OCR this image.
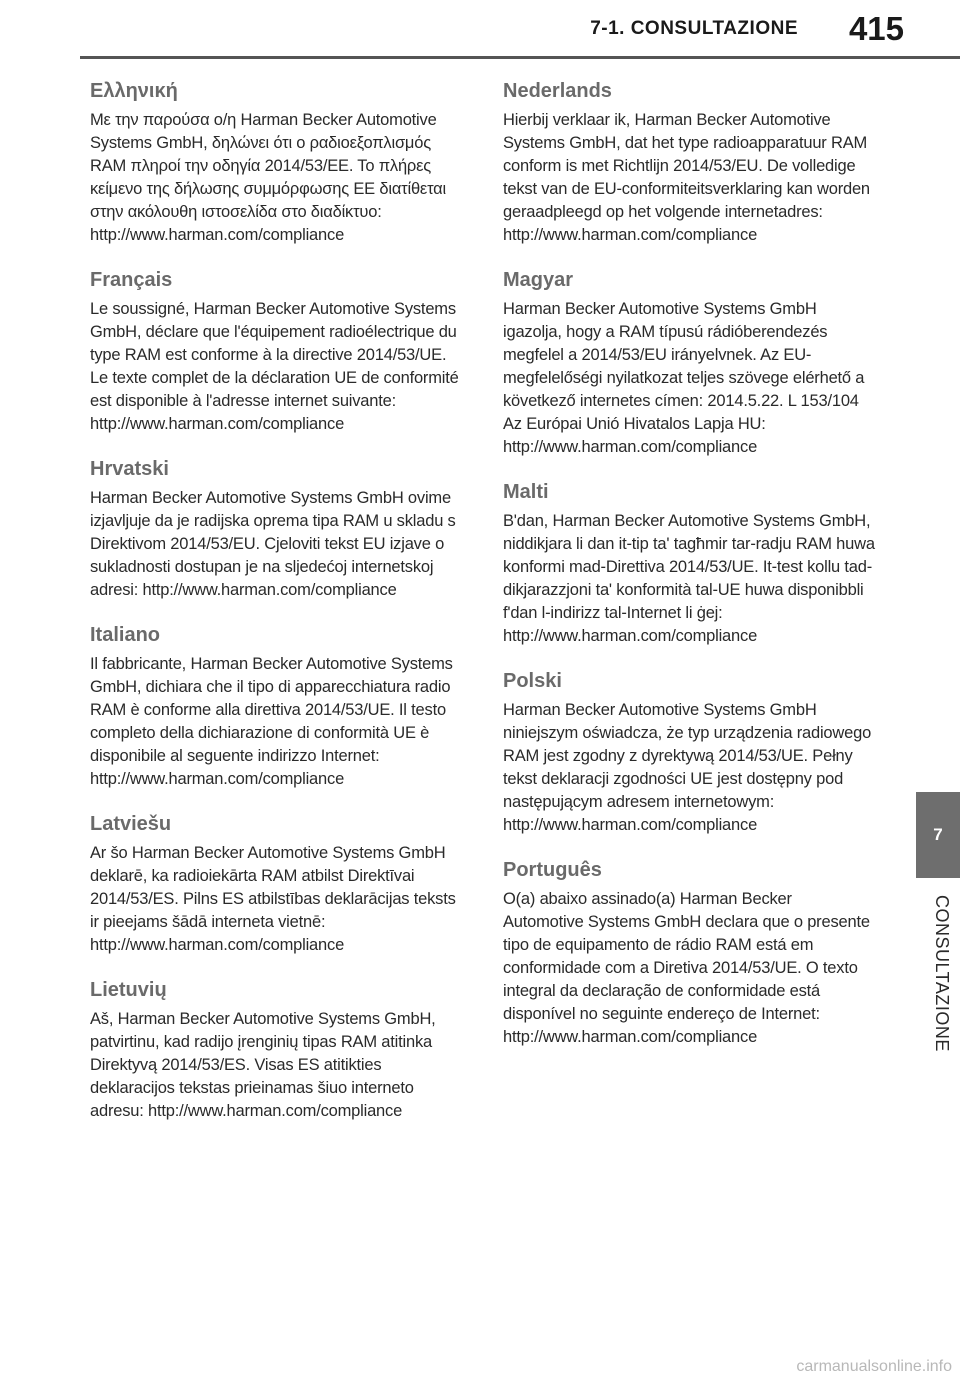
7-1. CONSULTAZIONE 415
Ελληνική

Με την παρούσα ο/η Harman Becker Automotive Systems GmbH, δηλώνει ότι ο ραδιοεξοπλισμός RAM πληροί την οδηγία 2014/53/ΕΕ. Το πλήρες κείμενο της δήλωσης συμμόρφωσης ΕΕ διατίθεται στην ακόλουθη ιστοσελίδα στο διαδίκτυο: http://www.harman.com/compliance

Français

Le soussigné, Harman Becker Automotive Systems GmbH, déclare que l'équipement radioélectrique du type RAM est conforme à la directive 2014/53/UE. Le texte complet de la déclaration UE de conformité est disponible à l'adresse internet suivante: http://www.harman.com/compliance

Hrvatski

Harman Becker Automotive Systems GmbH ovime izjavljuje da je radijska oprema tipa RAM u skladu s Direktivom 2014/53/EU. Cjeloviti tekst EU izjave o sukladnosti dostupan je na sljedećoj internetskoj adresi: http://www.harman.com/compliance

Italiano

Il fabbricante, Harman Becker Automotive Systems GmbH, dichiara che il tipo di apparecchiatura radio RAM è conforme alla direttiva 2014/53/UE. Il testo completo della dichiarazione di conformità UE è disponibile al seguente indirizzo Internet: http://www.harman.com/compliance

Latviešu

Ar šo Harman Becker Automotive Systems GmbH deklarē, ka radioiekārta RAM atbilst Direktīvai 2014/53/ES. Pilns ES atbilstības deklarācijas teksts ir pieejams šādā interneta vietnē: http://www.harman.com/compliance

Lietuvių

Aš, Harman Becker Automotive Systems GmbH, patvirtinu, kad radijo įrenginių tipas RAM atitinka Direktyvą 2014/53/ES. Visas ES atitikties deklaracijos tekstas prieinamas šiuo interneto adresu: http://www.harman.com/compliance

Nederlands

Hierbij verklaar ik, Harman Becker Automotive Systems GmbH, dat het type radioapparatuur RAM conform is met Richtlijn 2014/53/EU. De volledige tekst van de EU-conformiteitsverklaring kan worden geraadpleegd op het volgende internetadres: http://www.harman.com/compliance

Magyar

Harman Becker Automotive Systems GmbH igazolja, hogy a RAM típusú rádióberendezés megfelel a 2014/53/EU irányelvnek. Az EU-megfelelőségi nyilatkozat teljes szövege elérhető a következő internetes címen: 2014.5.22. L 153/104 Az Európai Unió Hivatalos Lapja HU: http://www.harman.com/compliance

Malti

B'dan, Harman Becker Automotive Systems GmbH, niddikjara li dan it-tip ta' tagħmir tar-radju RAM huwa konformi mad-Direttiva 2014/53/UE. It-test kollu tad-dikjarazzjoni ta' konformità tal-UE huwa disponibbli f'dan l-indirizz tal-Internet li ġej: http://www.harman.com/compliance

Polski

Harman Becker Automotive Systems GmbH niniejszym oświadcza, że typ urządzenia radiowego RAM jest zgodny z dyrektywą 2014/53/UE. Pełny tekst deklaracji zgodności UE jest dostępny pod następującym adresem internetowym: http://www.harman.com/compliance

Português

O(a) abaixo assinado(a) Harman Becker Automotive Systems GmbH declara que o presente tipo de equipamento de rádio RAM está em conformidade com a Diretiva 2014/53/UE. O texto integral da declaração de conformidade está disponível no seguinte endereço de Internet: http://www.harman.com/compliance

7
CONSULTAZIONE
carmanualsonline.info
